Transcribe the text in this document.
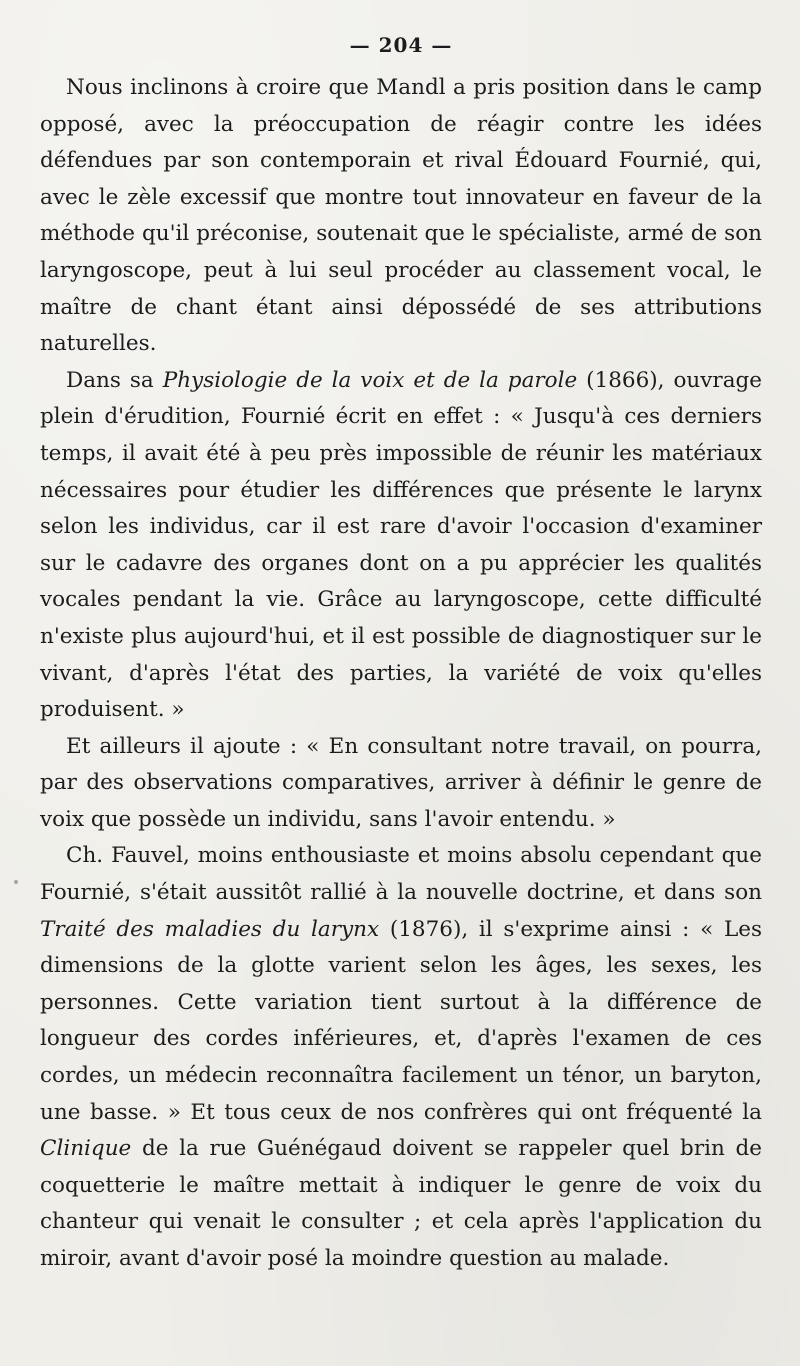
— 204 —

Nous inclinons à croire que Mandl a pris position dans le camp opposé, avec la préoccupation de réagir contre les idées défendues par son contemporain et rival Édouard Fournié, qui, avec le zèle excessif que montre tout innovateur en faveur de la méthode qu'il préconise, soutenait que le spécialiste, armé de son laryngoscope, peut à lui seul procéder au classement vocal, le maître de chant étant ainsi dépossédé de ses attributions naturelles.

Dans sa Physiologie de la voix et de la parole (1866), ouvrage plein d'érudition, Fournié écrit en effet : « Jusqu'à ces derniers temps, il avait été à peu près impossible de réunir les matériaux nécessaires pour étudier les différences que présente le larynx selon les individus, car il est rare d'avoir l'occasion d'examiner sur le cadavre des organes dont on a pu apprécier les qualités vocales pendant la vie. Grâce au laryngoscope, cette difficulté n'existe plus aujourd'hui, et il est possible de diagnostiquer sur le vivant, d'après l'état des parties, la variété de voix qu'elles produisent. »

Et ailleurs il ajoute : « En consultant notre travail, on pourra, par des observations comparatives, arriver à définir le genre de voix que possède un individu, sans l'avoir entendu. »

Ch. Fauvel, moins enthousiaste et moins absolu cependant que Fournié, s'était aussitôt rallié à la nouvelle doctrine, et dans son Traité des maladies du larynx (1876), il s'exprime ainsi : « Les dimensions de la glotte varient selon les âges, les sexes, les personnes. Cette variation tient surtout à la différence de longueur des cordes inférieures, et, d'après l'examen de ces cordes, un médecin reconnaîtra facilement un ténor, un baryton, une basse. » Et tous ceux de nos confrères qui ont fréquenté la Clinique de la rue Guénégaud doivent se rappeler quel brin de coquetterie le maître mettait à indiquer le genre de voix du chanteur qui venait le consulter ; et cela après l'application du miroir, avant d'avoir posé la moindre question au malade.
